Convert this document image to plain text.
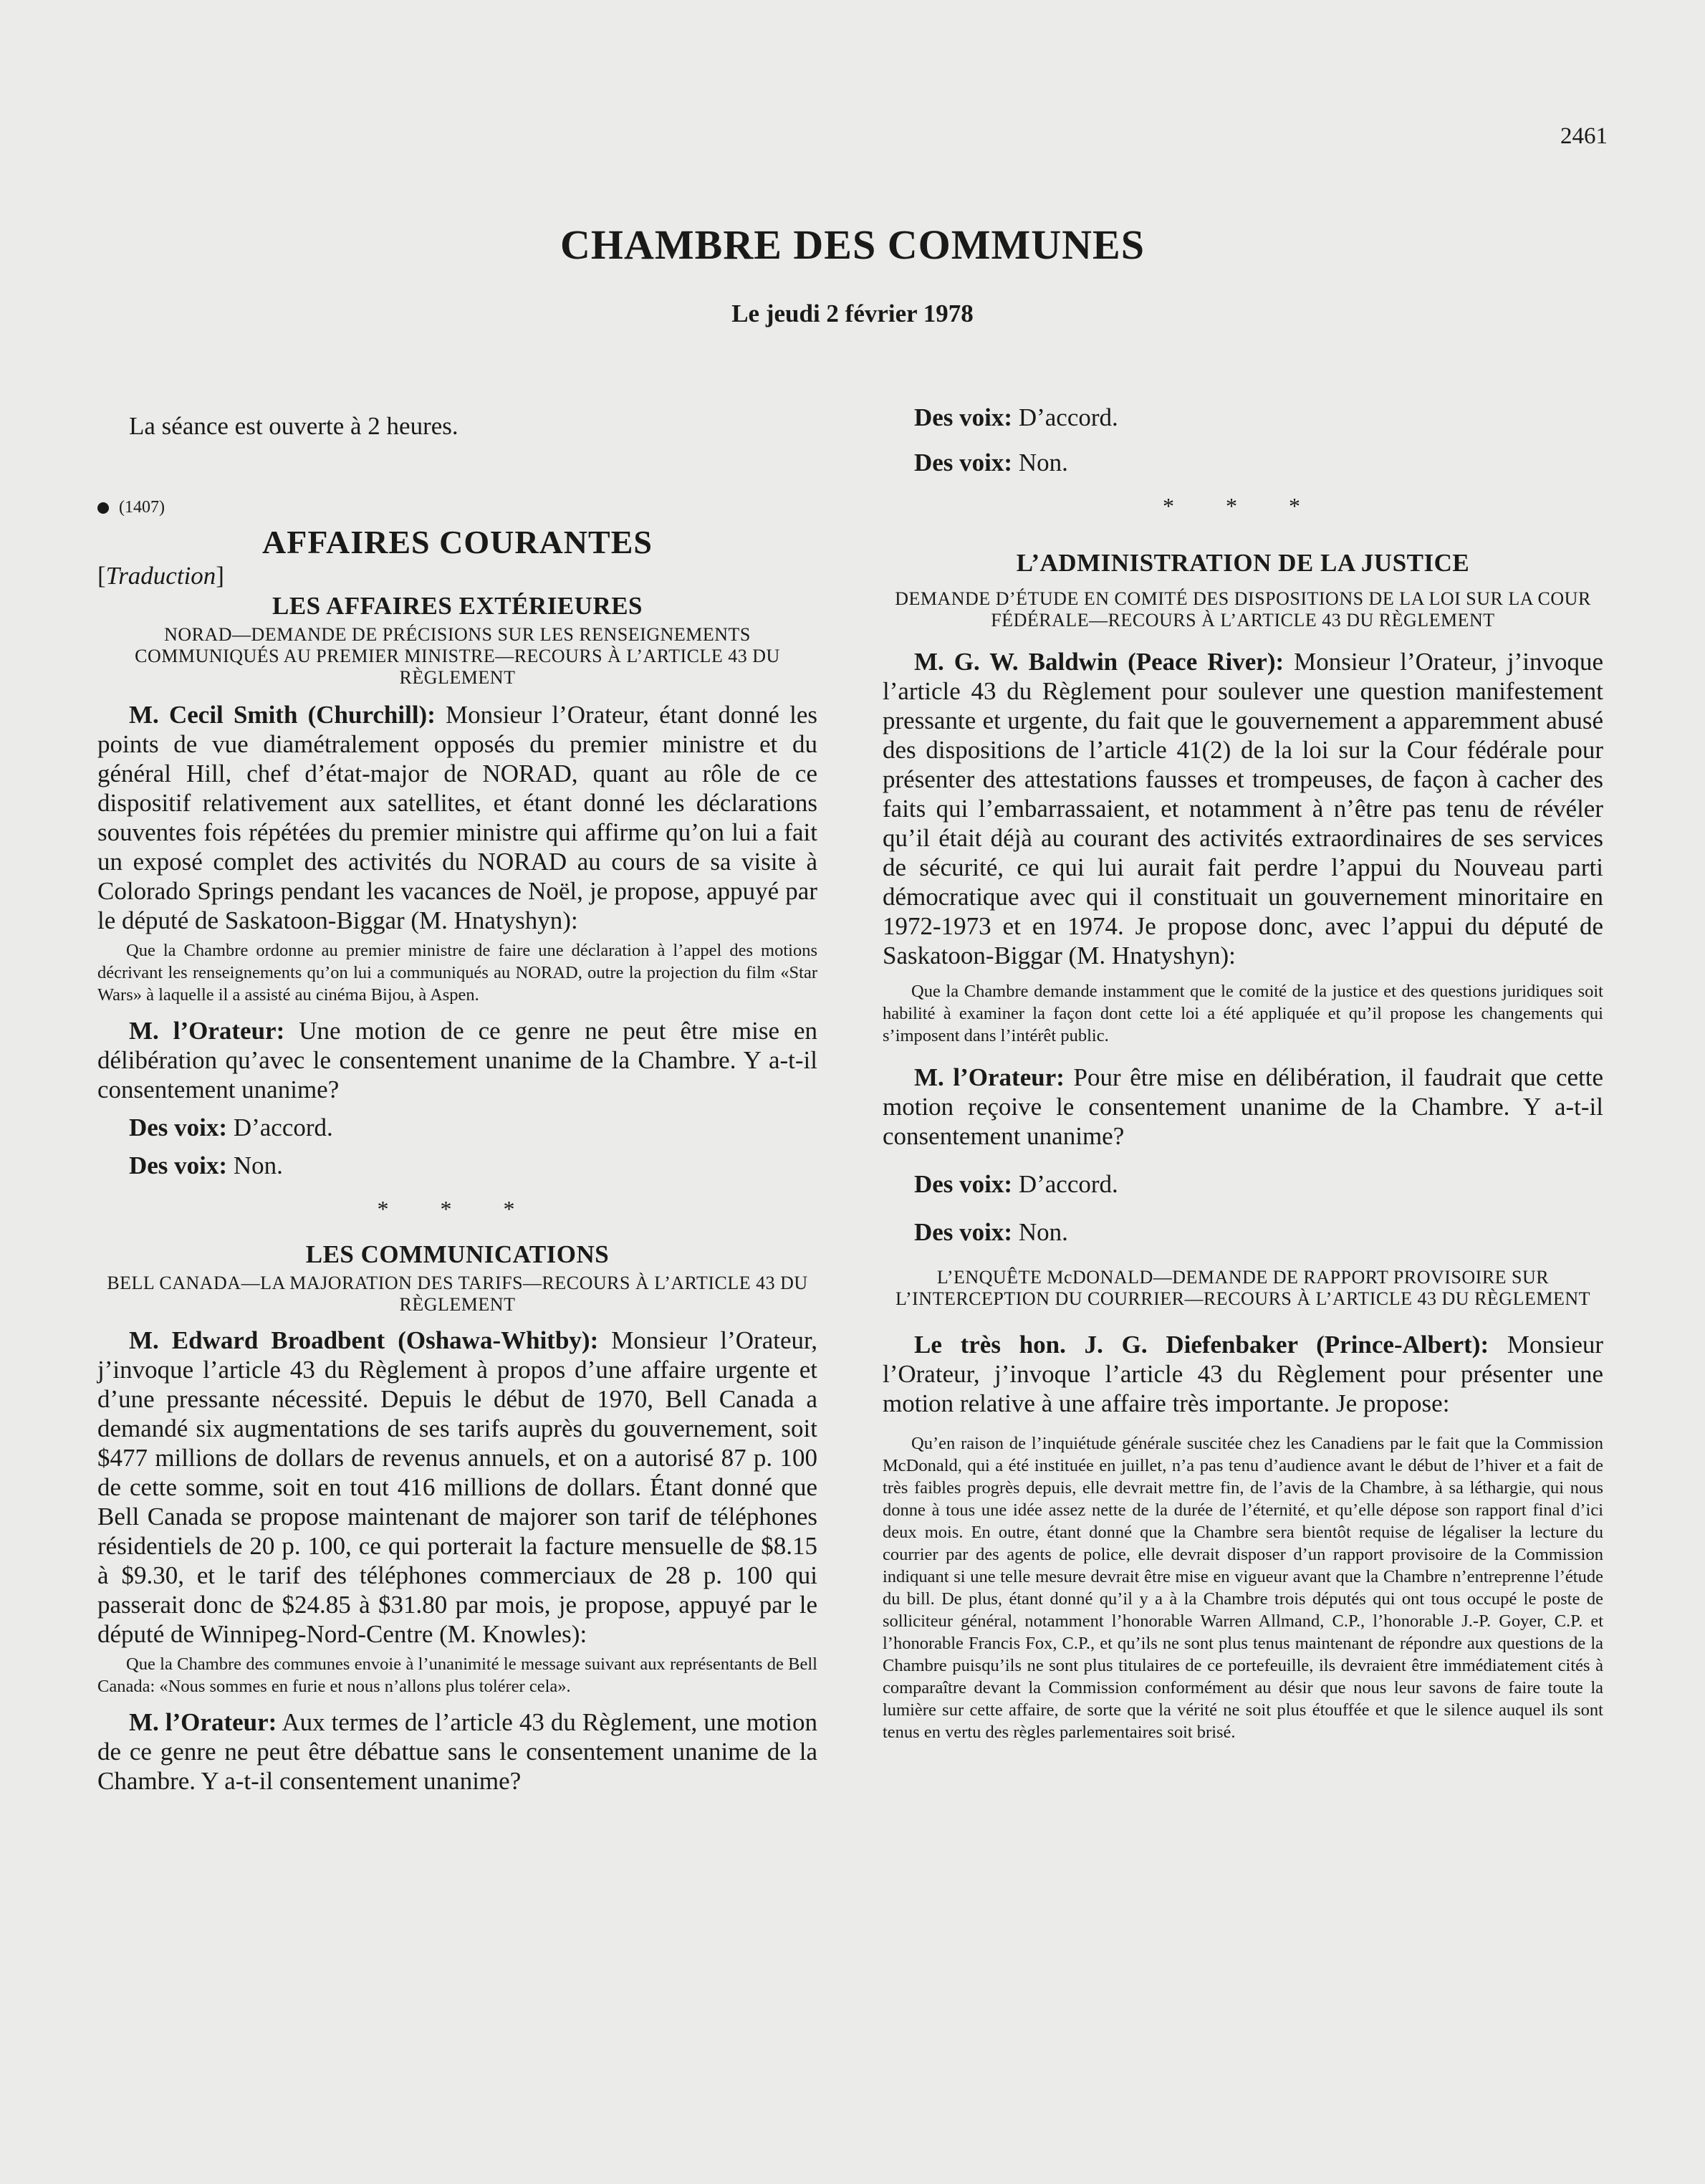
2461
CHAMBRE DES COMMUNES
Le jeudi 2 février 1978

La séance est ouverte à 2 heures.

(1407)
AFFAIRES COURANTES
[Traduction]
LES AFFAIRES EXTÉRIEURES
NORAD—DEMANDE DE PRÉCISIONS SUR LES RENSEIGNEMENTS COMMUNIQUÉS AU PREMIER MINISTRE—RECOURS À L’ARTICLE 43 DU RÈGLEMENT

M. Cecil Smith (Churchill): Monsieur l’Orateur, étant donné les points de vue diamétralement opposés du premier ministre et du général Hill, chef d’état-major de NORAD, quant au rôle de ce dispositif relativement aux satellites, et étant donné les déclarations souventes fois répétées du premier ministre qui affirme qu’on lui a fait un exposé complet des activités du NORAD au cours de sa visite à Colorado Springs pendant les vacances de Noël, je propose, appuyé par le député de Saskatoon-Biggar (M. Hnatyshyn):

Que la Chambre ordonne au premier ministre de faire une déclaration à l’appel des motions décrivant les renseignements qu’on lui a communiqués au NORAD, outre la projection du film «Star Wars» à laquelle il a assisté au cinéma Bijou, à Aspen.

M. l’Orateur: Une motion de ce genre ne peut être mise en délibération qu’avec le consentement unanime de la Chambre. Y a-t-il consentement unanime?

Des voix: D’accord.

Des voix: Non.

* * *
LES COMMUNICATIONS
BELL CANADA—LA MAJORATION DES TARIFS—RECOURS À L’ARTICLE 43 DU RÈGLEMENT

M. Edward Broadbent (Oshawa-Whitby): Monsieur l’Orateur, j’invoque l’article 43 du Règlement à propos d’une affaire urgente et d’une pressante nécessité. Depuis le début de 1970, Bell Canada a demandé six augmentations de ses tarifs auprès du gouvernement, soit $477 millions de dollars de revenus annuels, et on a autorisé 87 p. 100 de cette somme, soit en tout 416 millions de dollars. Étant donné que Bell Canada se propose maintenant de majorer son tarif de téléphones résidentiels de 20 p. 100, ce qui porterait la facture mensuelle de $8.15 à $9.30, et le tarif des téléphones commerciaux de 28 p. 100 qui passerait donc de $24.85 à $31.80 par mois, je propose, appuyé par le député de Winnipeg-Nord-Centre (M. Knowles):

Que la Chambre des communes envoie à l’unanimité le message suivant aux représentants de Bell Canada: «Nous sommes en furie et nous n’allons plus tolérer cela».

M. l’Orateur: Aux termes de l’article 43 du Règlement, une motion de ce genre ne peut être débattue sans le consentement unanime de la Chambre. Y a-t-il consentement unanime?

Des voix: D’accord.

Des voix: Non.

* * *
L’ADMINISTRATION DE LA JUSTICE
DEMANDE D’ÉTUDE EN COMITÉ DES DISPOSITIONS DE LA LOI SUR LA COUR FÉDÉRALE—RECOURS À L’ARTICLE 43 DU RÈGLEMENT

M. G. W. Baldwin (Peace River): Monsieur l’Orateur, j’invoque l’article 43 du Règlement pour soulever une question manifestement pressante et urgente, du fait que le gouvernement a apparemment abusé des dispositions de l’article 41(2) de la loi sur la Cour fédérale pour présenter des attestations fausses et trompeuses, de façon à cacher des faits qui l’embarrassaient, et notamment à n’être pas tenu de révéler qu’il était déjà au courant des activités extraordinaires de ses services de sécurité, ce qui lui aurait fait perdre l’appui du Nouveau parti démocratique avec qui il constituait un gouvernement minoritaire en 1972-1973 et en 1974. Je propose donc, avec l’appui du député de Saskatoon-Biggar (M. Hnatyshyn):

Que la Chambre demande instamment que le comité de la justice et des questions juridiques soit habilité à examiner la façon dont cette loi a été appliquée et qu’il propose les changements qui s’imposent dans l’intérêt public.

M. l’Orateur: Pour être mise en délibération, il faudrait que cette motion reçoive le consentement unanime de la Chambre. Y a-t-il consentement unanime?

Des voix: D’accord.

Des voix: Non.

L’ENQUÊTE McDONALD—DEMANDE DE RAPPORT PROVISOIRE SUR L’INTERCEPTION DU COURRIER—RECOURS À L’ARTICLE 43 DU RÈGLEMENT

Le très hon. J. G. Diefenbaker (Prince-Albert): Monsieur l’Orateur, j’invoque l’article 43 du Règlement pour présenter une motion relative à une affaire très importante. Je propose:

Qu’en raison de l’inquiétude générale suscitée chez les Canadiens par le fait que la Commission McDonald, qui a été instituée en juillet, n’a pas tenu d’audience avant le début de l’hiver et a fait de très faibles progrès depuis, elle devrait mettre fin, de l’avis de la Chambre, à sa léthargie, qui nous donne à tous une idée assez nette de la durée de l’éternité, et qu’elle dépose son rapport final d’ici deux mois. En outre, étant donné que la Chambre sera bientôt requise de légaliser la lecture du courrier par des agents de police, elle devrait disposer d’un rapport provisoire de la Commission indiquant si une telle mesure devrait être mise en vigueur avant que la Chambre n’entreprenne l’étude du bill. De plus, étant donné qu’il y a à la Chambre trois députés qui ont tous occupé le poste de solliciteur général, notamment l’honorable Warren Allmand, C.P., l’honorable J.-P. Goyer, C.P. et l’honorable Francis Fox, C.P., et qu’ils ne sont plus tenus maintenant de répondre aux questions de la Chambre puisqu’ils ne sont plus titulaires de ce portefeuille, ils devraient être immédiatement cités à comparaître devant la Commission conformément au désir que nous leur savons de faire toute la lumière sur cette affaire, de sorte que la vérité ne soit plus étouffée et que le silence auquel ils sont tenus en vertu des règles parlementaires soit brisé.
